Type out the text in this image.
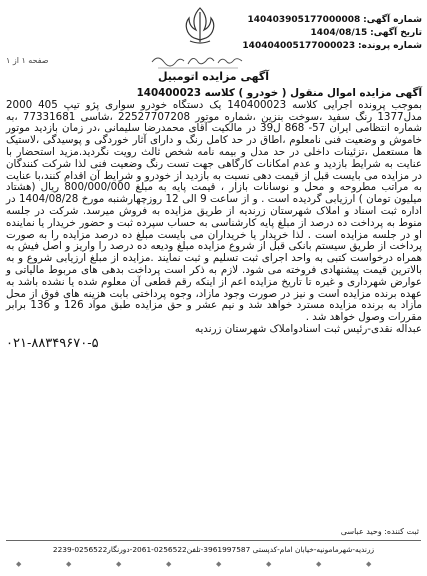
شماره آگهی: 140403905177000008
تاریخ آگهی: 1404/08/15
شماره پرونده: 140404005177000023
صفحه ۱ از ۱
آگهی مزایده اتومبیل
آگهی مزایده اموال منقول ( خودرو ) کلاسه 140400023
بموجب پرونده اجرایی کلاسه 140400023 یک دستگاه خودرو سواری پژو تیپ 405 2000 مدل1377 رنگ سفید ،سوخت بنزین ،شماره موتور 22527707208 ،شاسی 77331681 ،به شماره انتظامی ایران 57- 868 ل39 در مالکیت آقای محمدرضا سلیمانی ،در زمان بازدید موتور خاموش و وضعیت فنی نامعلوم ،اطاق در حد کامل رنگ و دارای آثار خوردگی و پوسیدگی ،لاستیک ها مستعمل ،تزئینات داخلی در حد مدل و بیمه نامه شخص ثالث رویت نگردید.مزید استحضار با عنایت به شرایط بازدید و عدم امکانات کارگاهی جهت تست رنگ وضعیت فنی لذا شرکت کنندگان در مزایده می بایست قبل از قیمت دهی نسبت به بازدید از خودرو و شرایط آن اقدام کنند،با عنایت به مراتب مطروحه و محل و نوسانات بازار ، قیمت پایه به مبلغ 800/000/000 ریال (هشتاد میلیون تومان ) ارزیابی گردیده است . و از ساعت 9 الی 12 روزچهارشنبه مورخ 1404/08/28 در اداره ثبت اسناد و املاک شهرستان زرندیه از طریق مزایده به فروش میرسد. شرکت در جلسه منوط به پرداخت ده درصد از مبلغ پایه کارشناسی به حساب سپرده ثبت و حضور خریدار یا نماینده او در جلسه مزایده است . لذا خریدار یا خریداران می بایست مبلغ ده درصد مزایده را به صورت پرداخت از طریق سیستم بانکی قبل از شروع مزایده مبلغ ودیعه ده درصد را واریز و اصل فیش به همراه درخواست کتبی به واحد اجرای ثبت تسلیم و ثبت نمایند .مزایده از مبلغ ارزیابی شروع و به بالاترین قیمت پیشنهادی فروخته می شود. لازم به ذکر است پرداخت بدهی های مربوط مالیاتی و عوارض شهرداری و غیره تا تاریخ مزایده اعم از اینکه رقم قطعی آن معلوم شده یا نشده باشد به عهده برنده مزایده است و نیز در صورت وجود مازاد، وجوه پرداختی بابت هزینه های فوق از محل مازاد به برنده مزایده مسترد خواهد شد و نیم عشر و حق مزایده طبق مواد 126 و 136 برابر مقررات وصول خواهد شد .
عبداله نقدی-رئیس ثبت اسنادواملاک شهرستان زرندیه
۰۲۱-۸۸۳۴۹۶۷۰-۵
ثبت کننده: وحید عباسی
زرندیه-شهرمامونیه-خیابان امام-کدپستی 3961997587-تلفن0256522-2061-دورنگار0256522-2239
◆	◆	◆	◆	◆	◆	◆	◆
